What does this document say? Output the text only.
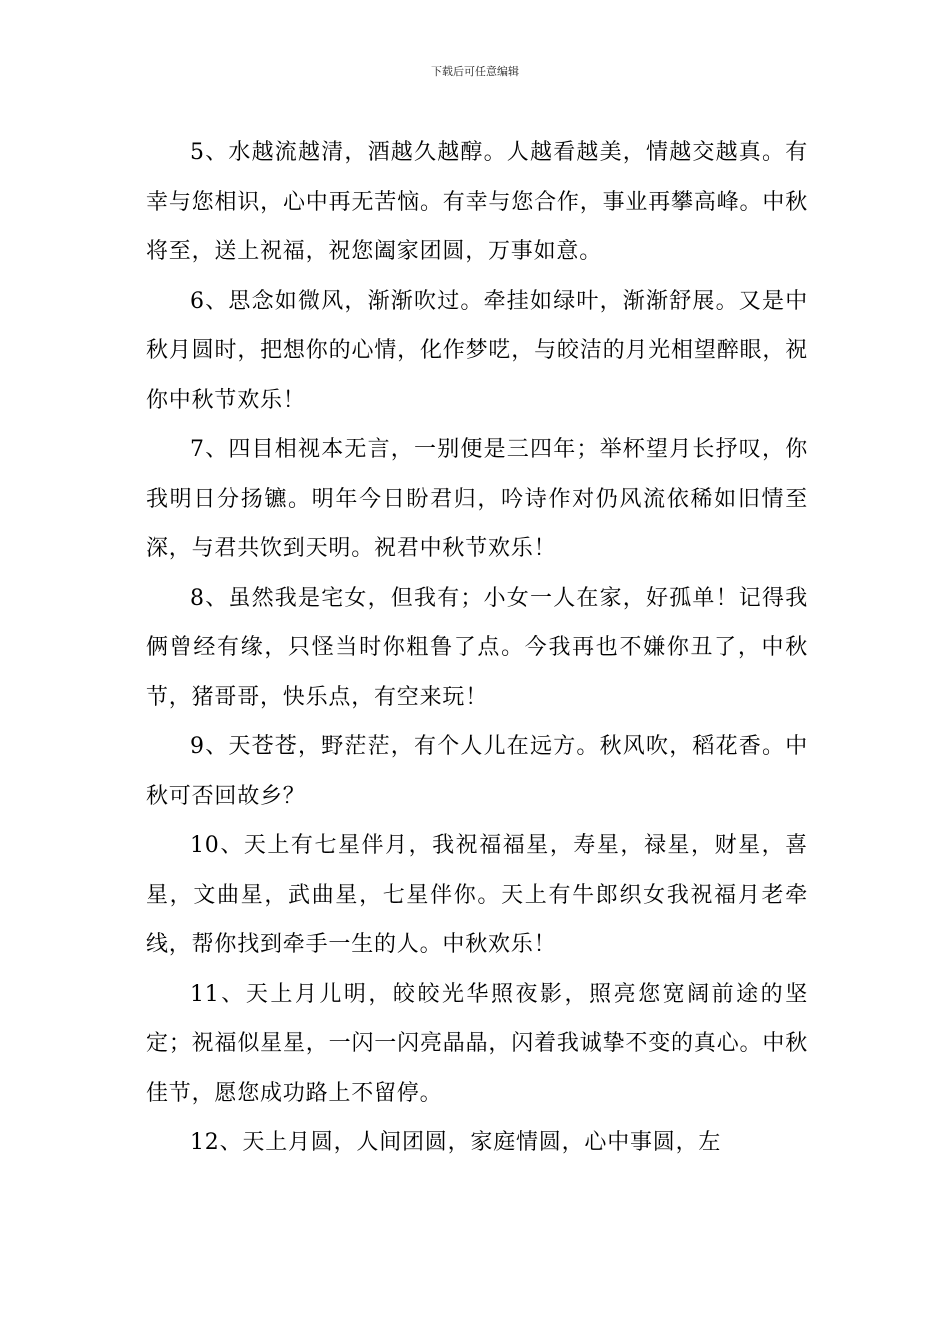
下载后可任意编辑

5、水越流越清，酒越久越醇。人越看越美，情越交越真。有幸与您相识，心中再无苦恼。有幸与您合作，事业再攀高峰。中秋将至，送上祝福，祝您阖家团圆，万事如意。

6、思念如微风，渐渐吹过。牵挂如绿叶，渐渐舒展。又是中秋月圆时，把想你的心情，化作梦呓，与皎洁的月光相望醉眼，祝你中秋节欢乐！

7、四目相视本无言，一别便是三四年；举杯望月长抒叹，你我明日分扬镳。明年今日盼君归，吟诗作对仍风流依稀如旧情至深，与君共饮到天明。祝君中秋节欢乐！

8、虽然我是宅女，但我有；小女一人在家，好孤单！记得我俩曾经有缘，只怪当时你粗鲁了点。今我再也不嫌你丑了，中秋节，猪哥哥，快乐点，有空来玩！

9、天苍苍，野茫茫，有个人儿在远方。秋风吹，稻花香。中秋可否回故乡？

10、天上有七星伴月，我祝福福星，寿星，禄星，财星，喜星，文曲星，武曲星，七星伴你。天上有牛郎织女我祝福月老牵线，帮你找到牵手一生的人。中秋欢乐！

11、天上月儿明，皎皎光华照夜影，照亮您宽阔前途的坚定；祝福似星星，一闪一闪亮晶晶，闪着我诚挚不变的真心。中秋佳节，愿您成功路上不留停。

12、天上月圆，人间团圆，家庭情圆，心中事圆，左
